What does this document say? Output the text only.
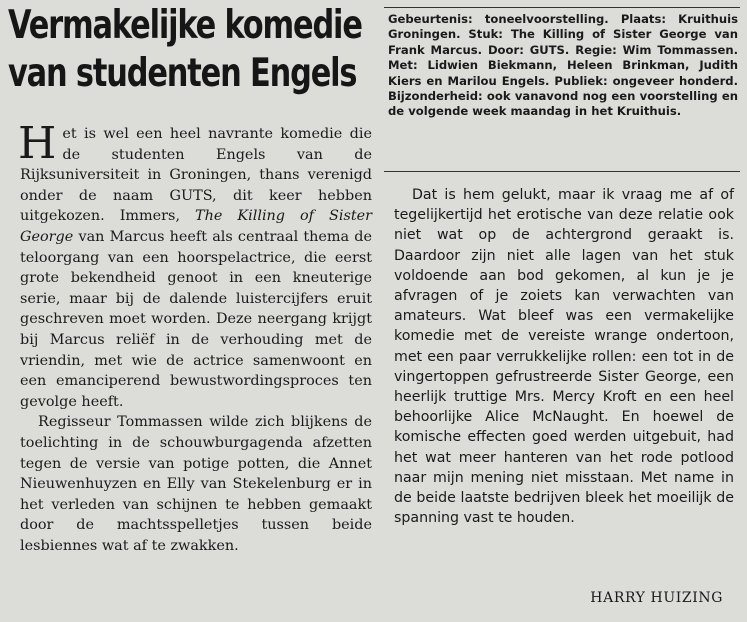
Vermakelijke komedie
van studenten Engels

Het is wel een heel navrante komedie die de studenten Engels van de Rijksuniversiteit in Groningen, thans verenigd onder de naam GUTS, dit keer hebben uitgekozen. Immers, The Killing of Sister George van Marcus heeft als centraal thema de teloorgang van een hoorspelactrice, die eerst grote bekendheid genoot in een kneuterige serie, maar bij de dalende luistercijfers eruit geschreven moet worden. Deze neergang krijgt bij Marcus reliëf in de verhouding met de vriendin, met wie de actrice samenwoont en een emanciperend bewustwordingsproces ten gevolge heeft.

Regisseur Tommassen wilde zich blijkens de toelichting in de schouwburgagenda afzetten tegen de versie van potige potten, die Annet Nieuwenhuyzen en Elly van Stekelenburg er in het verleden van schijnen te hebben gemaakt door de machtsspelletjes tussen beide lesbiennes wat af te zwakken.

Gebeurtenis: toneelvoorstelling. Plaats: Kruithuis Groningen. Stuk: The Killing of Sister George van Frank Marcus. Door: GUTS. Regie: Wim Tommassen.Met: Lidwien Biekmann, Heleen Brinkman, Judith Kiers en Marilou Engels. Publiek: ongeveer honderd.Bijzonderheid: ook vanavond nog een voorstelling en de volgende week maandag in het Kruithuis.

Dat is hem gelukt, maar ik vraag me af of tegelijkertijd het erotische van deze relatie ook niet wat op de achtergrond geraakt is. Daardoor zijn niet alle lagen van het stuk voldoende aan bod gekomen, al kun je je afvragen of je zoiets kan verwachten van amateurs. Wat bleef was een vermakelijke komedie met de vereiste wrange ondertoon, met een paar verrukkelijke rollen: een tot in de vingertoppen gefrustreerde Sister George, een heerlijk truttige Mrs. Mercy Kroft en een heel behoorlijke Alice McNaught. En hoewel de komische effecten goed werden uitgebuit, had het wat meer hanteren van het rode potlood naar mijn mening niet misstaan. Met name in de beide laatste bedrijven bleek het moeilijk de spanning vast te houden.

HARRY HUIZING
